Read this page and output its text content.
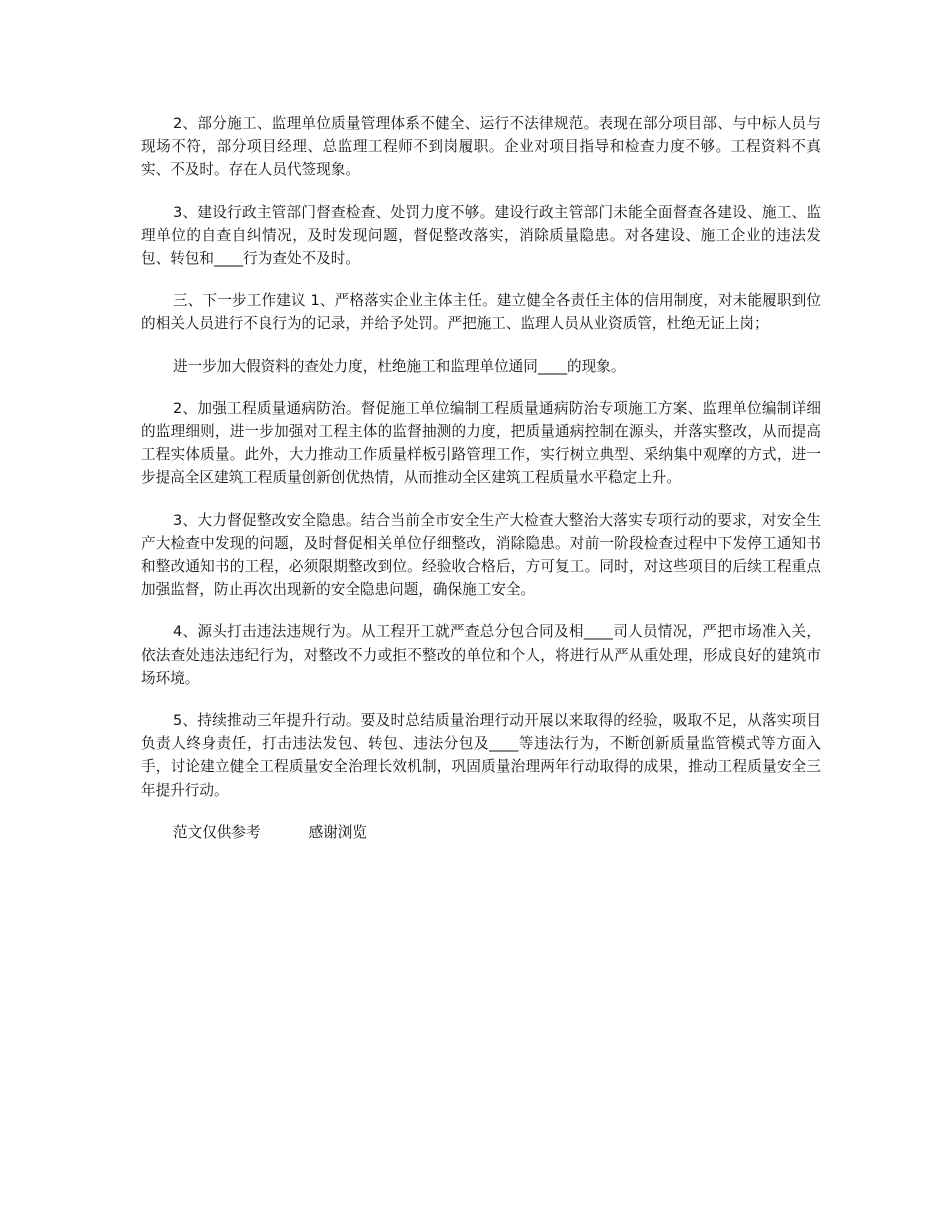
2、部分施工、监理单位质量管理体系不健全、运行不法律规范。表现在部分项目部、与中标人员与现场不符，部分项目经理、总监理工程师不到岗履职。企业对项目指导和检查力度不够。工程资料不真实、不及时。存在人员代签现象。

3、建设行政主管部门督查检查、处罚力度不够。建设行政主管部门未能全面督查各建设、施工、监理单位的自查自纠情况，及时发现问题，督促整改落实，消除质量隐患。对各建设、施工企业的违法发包、转包和____行为查处不及时。

三、下一步工作建议 1、严格落实企业主体主任。建立健全各责任主体的信用制度，对未能履职到位的相关人员进行不良行为的记录，并给予处罚。严把施工、监理人员从业资质管，杜绝无证上岗；

进一步加大假资料的查处力度，杜绝施工和监理单位通同____的现象。

2、加强工程质量通病防治。督促施工单位编制工程质量通病防治专项施工方案、监理单位编制详细的监理细则，进一步加强对工程主体的监督抽测的力度，把质量通病控制在源头，并落实整改，从而提高工程实体质量。此外，大力推动工作质量样板引路管理工作，实行树立典型、采纳集中观摩的方式，进一步提高全区建筑工程质量创新创优热情，从而推动全区建筑工程质量水平稳定上升。

3、大力督促整改安全隐患。结合当前全市安全生产大检查大整治大落实专项行动的要求，对安全生产大检查中发现的问题，及时督促相关单位仔细整改，消除隐患。对前一阶段检查过程中下发停工通知书和整改通知书的工程，必须限期整改到位。经验收合格后，方可复工。同时，对这些项目的后续工程重点加强监督，防止再次出现新的安全隐患问题，确保施工安全。

4、源头打击违法违规行为。从工程开工就严查总分包合同及相____司人员情况，严把市场准入关，依法查处违法违纪行为，对整改不力或拒不整改的单位和个人，将进行从严从重处理，形成良好的建筑市场环境。

5、持续推动三年提升行动。要及时总结质量治理行动开展以来取得的经验，吸取不足，从落实项目负责人终身责任，打击违法发包、转包、违法分包及____等违法行为，不断创新质量监管模式等方面入手，讨论建立健全工程质量安全治理长效机制，巩固质量治理两年行动取得的成果，推动工程质量安全三年提升行动。

范文仅供参考	感谢浏览
